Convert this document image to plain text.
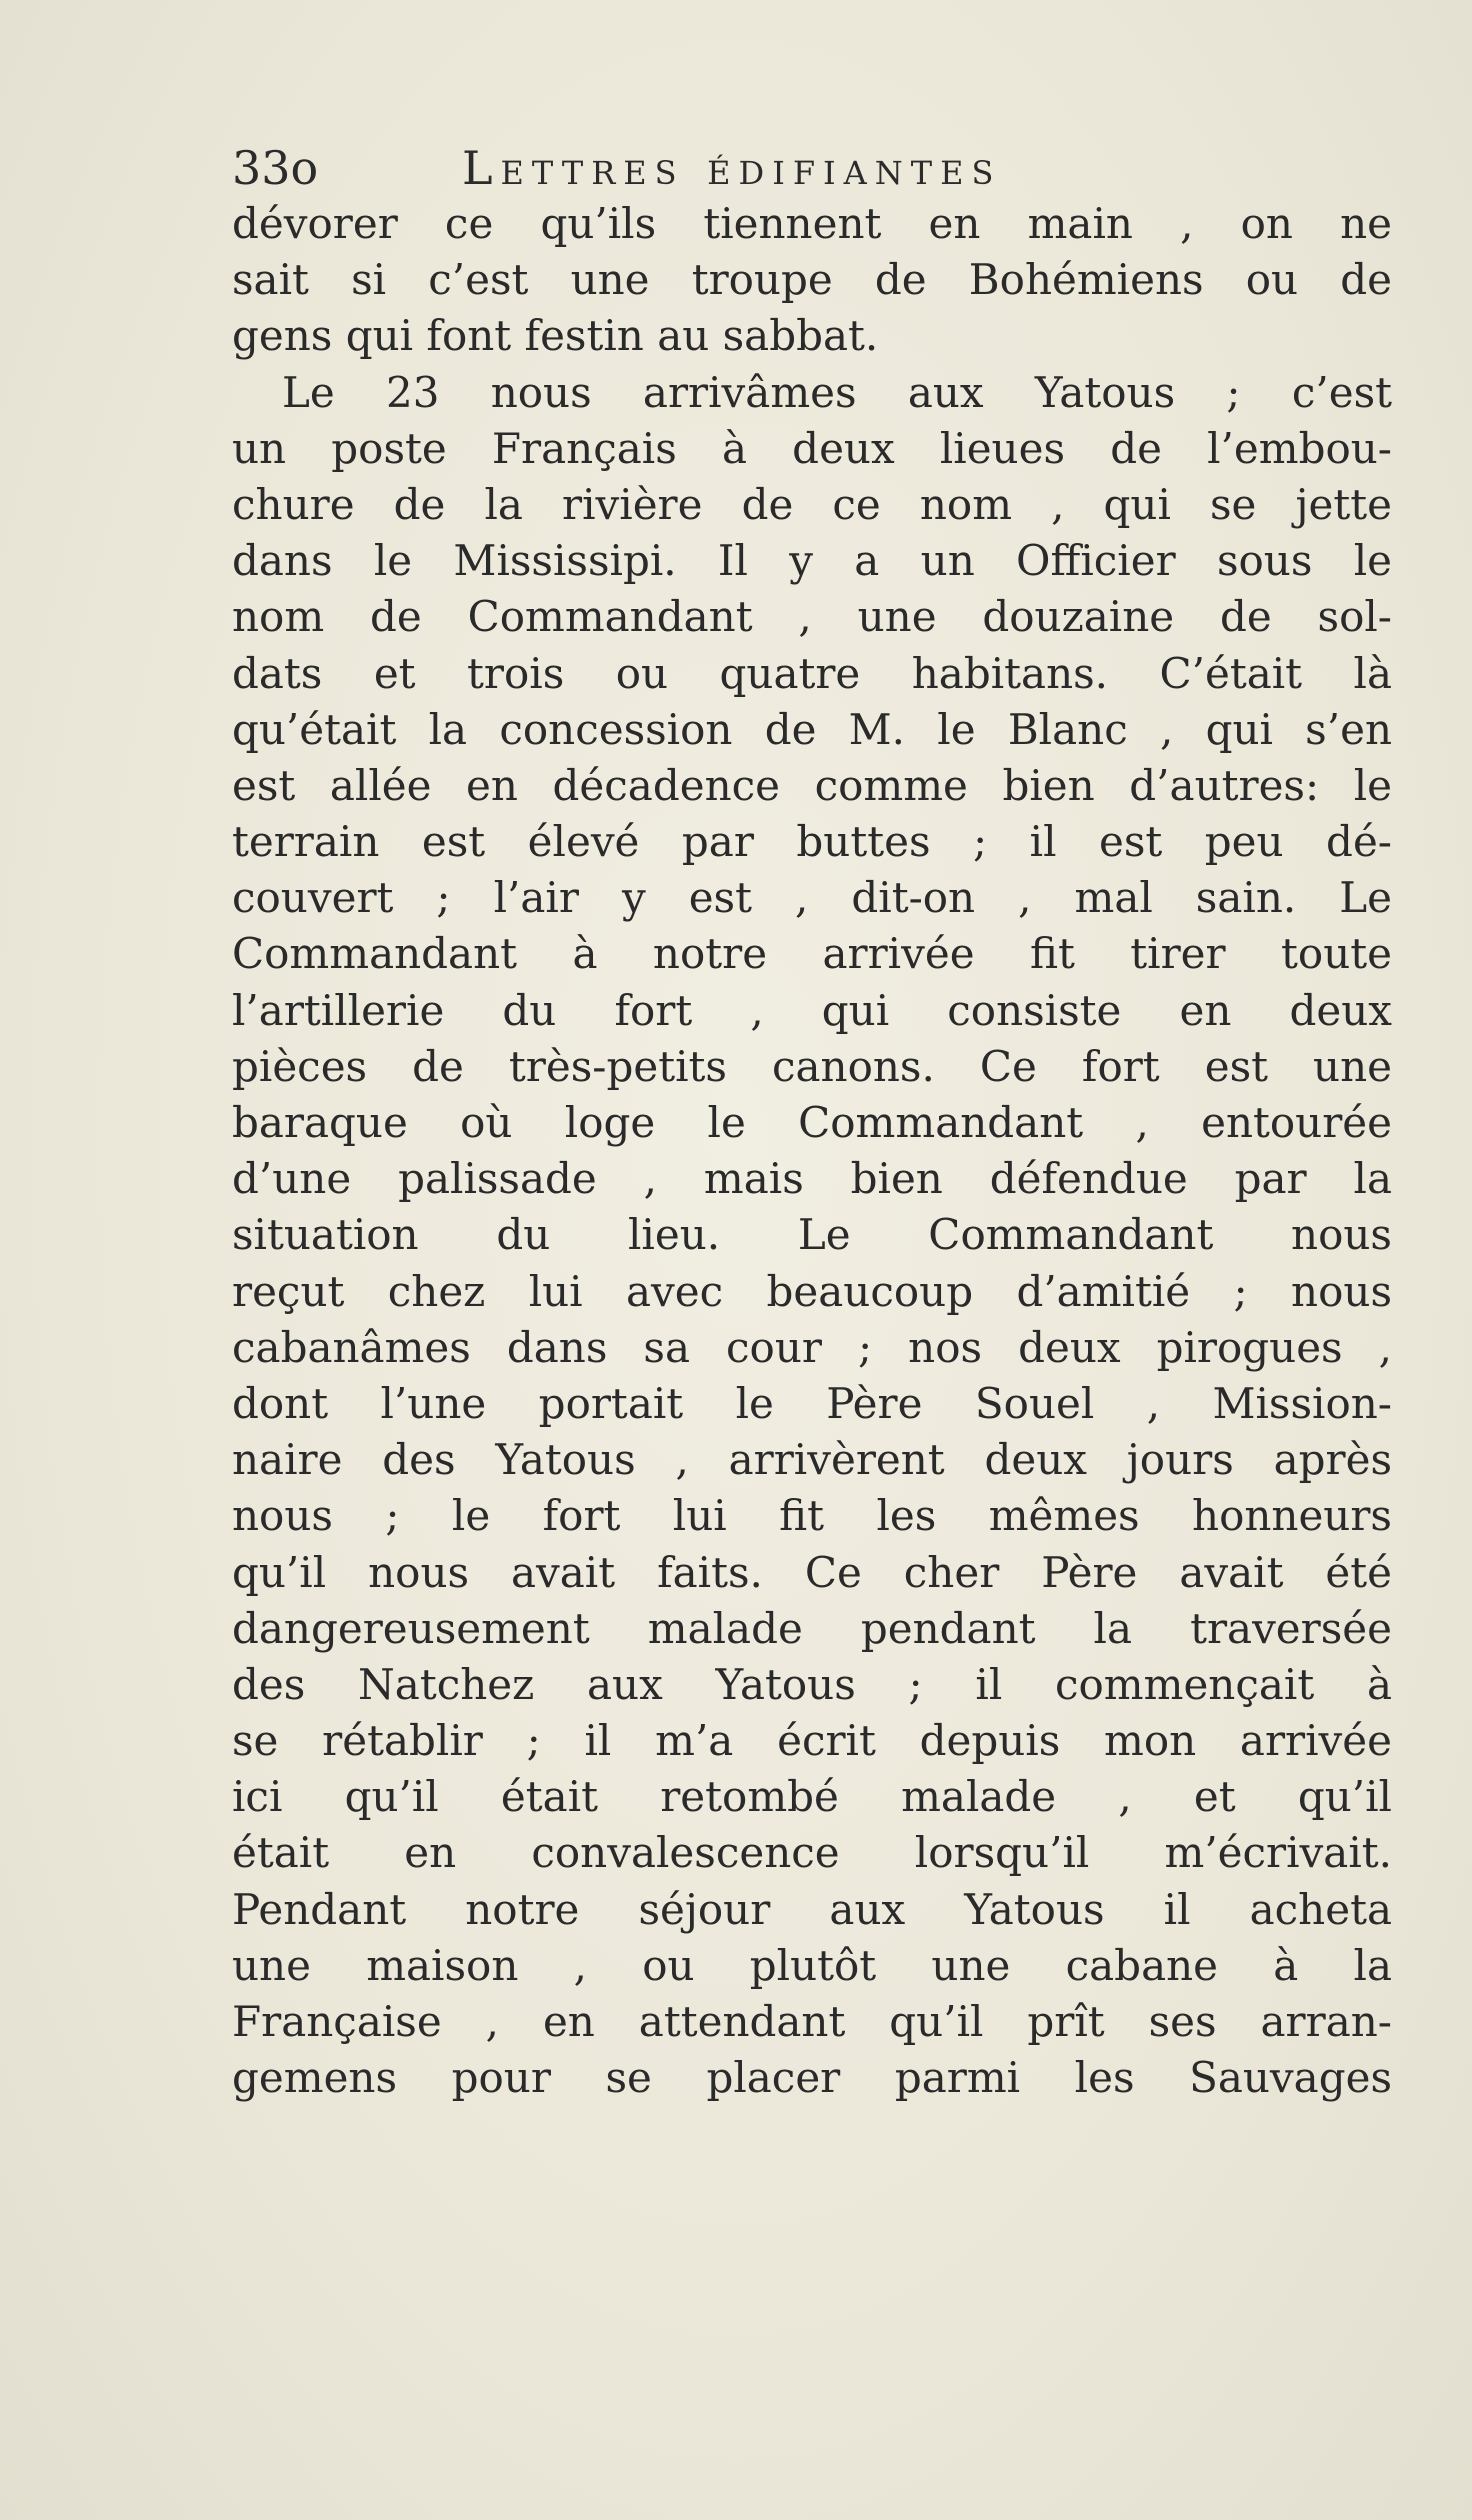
33o	Lettres édifiantes
dévorer ce qu’ils tiennent en main , on ne
sait si c’est une troupe de Bohémiens ou de
gens qui font festin au sabbat.
Le 23 nous arrivâmes aux Yatous ; c’est
un poste Français à deux lieues de l’embou-
chure de la rivière de ce nom , qui se jette
dans le Mississipi. Il y a un Officier sous le
nom de Commandant , une douzaine de sol-
dats et trois ou quatre habitans. C’était là
qu’était la concession de M. le Blanc , qui s’en
est allée en décadence comme bien d’autres: le
terrain est élevé par buttes ; il est peu dé-
couvert ; l’air y est , dit-on , mal sain. Le
Commandant à notre arrivée fit tirer toute
l’artillerie du fort , qui consiste en deux
pièces de très-petits canons. Ce fort est une
baraque où loge le Commandant , entourée
d’une palissade , mais bien défendue par la
situation du lieu. Le Commandant nous
reçut chez lui avec beaucoup d’amitié ; nous
cabanâmes dans sa cour ; nos deux pirogues ,
dont l’une portait le Père Souel , Mission-
naire des Yatous , arrivèrent deux jours après
nous ; le fort lui fit les mêmes honneurs
qu’il nous avait faits. Ce cher Père avait été
dangereusement malade pendant la traversée
des Natchez aux Yatous ; il commençait à
se rétablir ; il m’a écrit depuis mon arrivée
ici qu’il était retombé malade , et qu’il
était en convalescence lorsqu’il m’écrivait.
Pendant notre séjour aux Yatous il acheta
une maison , ou plutôt une cabane à la
Française , en attendant qu’il prît ses arran-
gemens pour se placer parmi les Sauvages
